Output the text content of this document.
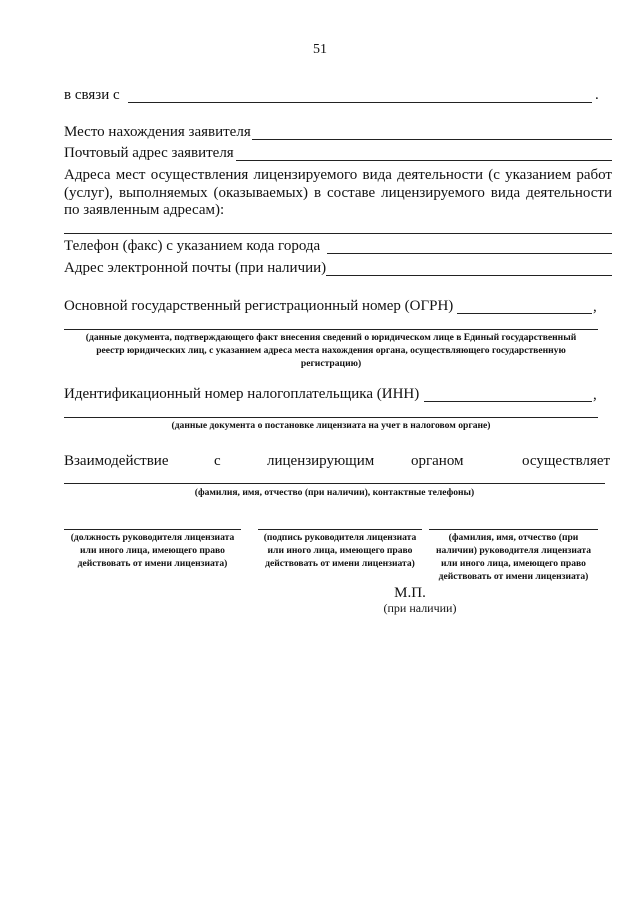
51
в связи с	.
Место нахождения заявителя
Почтовый адрес заявителя
Адреса мест осуществления лицензируемого вида деятельности (с указанием работ
(услуг), выполняемых (оказываемых) в составе лицензируемого вида деятельности
по заявленным адресам):
Телефон (факс) с указанием кода города
Адрес электронной почты (при наличии)
Основной государственный регистрационный номер (ОГРН)	,
(данные документа, подтверждающего факт внесения сведений о юридическом лице в Единый государственный
реестр юридических лиц, с указанием адреса места нахождения органа, осуществляющего государственную
регистрацию)
Идентификационный номер налогоплательщика (ИНН)	,
(данные документа о постановке лицензиата на учет в налоговом органе)
Взаимодействие	с	лицензирующим органом	осуществляет
(фамилия, имя, отчество (при наличии), контактные телефоны)
(должность руководителя лицензиата
или иного лица, имеющего право
действовать от имени лицензиата)
(подпись руководителя лицензиата
или иного лица, имеющего право
действовать от имени лицензиата)
(фамилия, имя, отчество (при
наличии) руководителя лицензиата
или иного лица, имеющего право
действовать от имени лицензиата)
М.П.
(при наличии)
